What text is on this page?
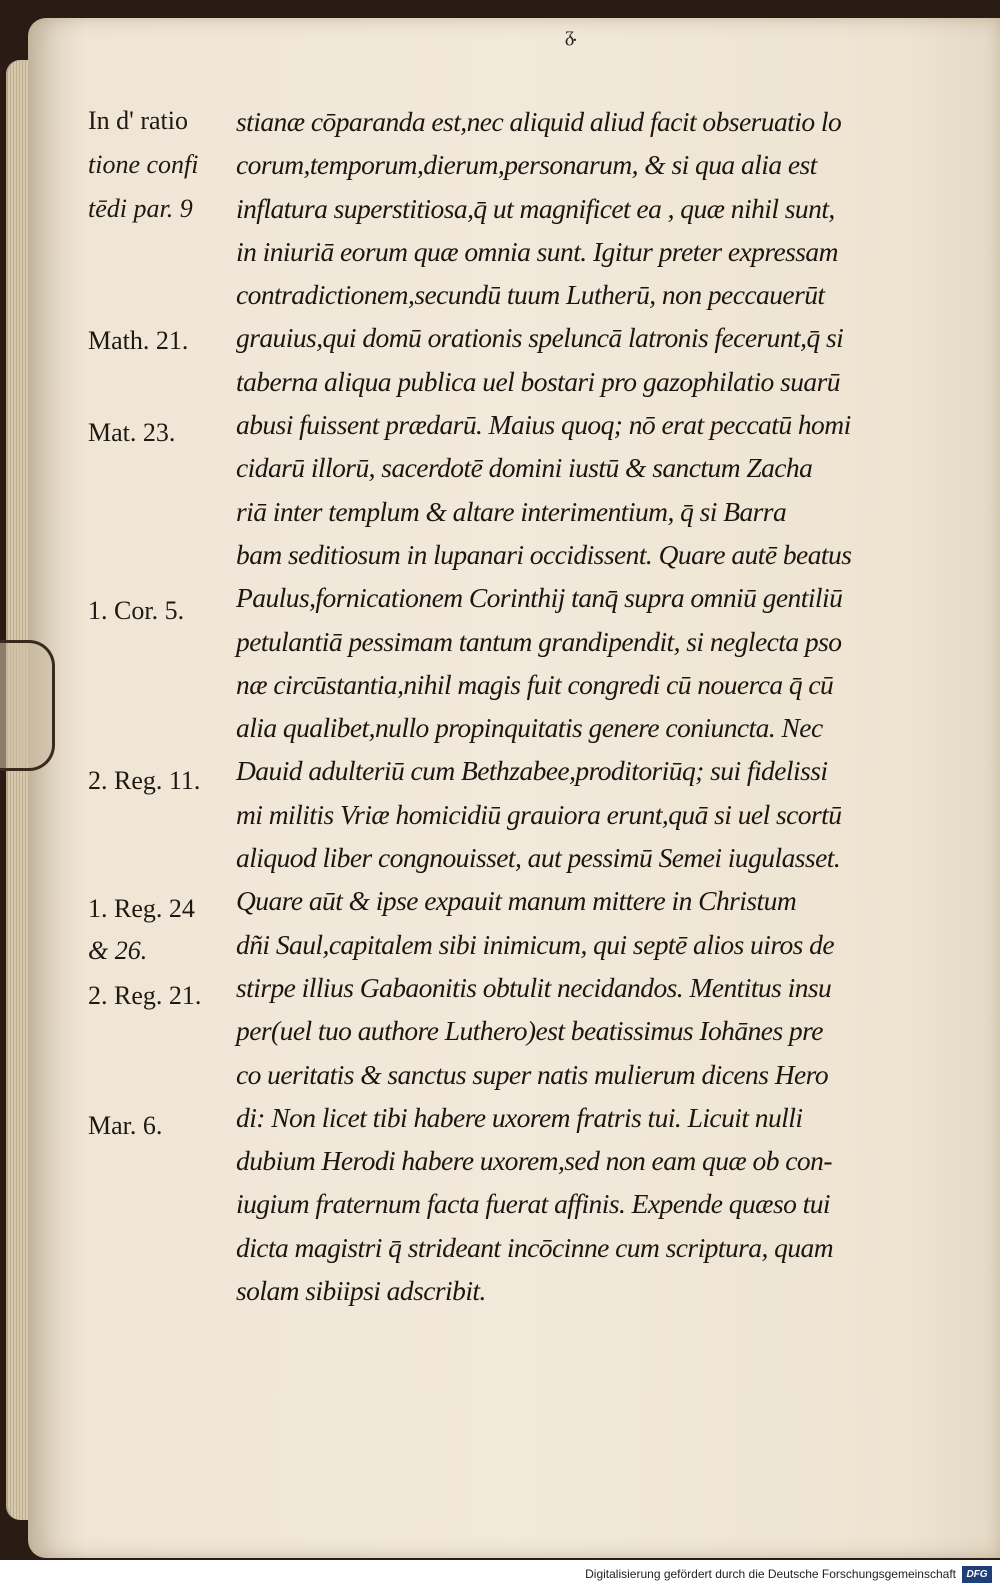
ᵹ.
In d' ratio
tione confi
tēdi par. 9
Math. 21.
Mat. 23.
1. Cor. 5.
2. Reg. 11.
1. Reg. 24
& 26.
2. Reg. 21.
Mar. 6.
stianæ cōparanda est,nec aliquid aliud facit obseruatio lo
corum,temporum,dierum,personarum, & si qua alia est
inflatura superstitiosa,q̄ ut magnificet ea , quæ nihil sunt,
in iniuriā eorum quæ omnia sunt. Igitur preter expressam
contradictionem,secundū tuum Lutherū, non peccauerūt
grauius,qui domū orationis speluncā latronis fecerunt,q̄ si
taberna aliqua publica uel bostari pro gazophilatio suarū
abusi fuissent prædarū. Maius quoq; nō erat peccatū homi
cidarū illorū, sacerdotē domini iustū & sanctum Zacha
riā inter templum & altare interimentium, q̄ si Barra
bam seditiosum in lupanari occidissent. Quare autē beatus
Paulus,fornicationem Corinthij tanq̄ supra omniū gentiliū
petulantiā pessimam tantum grandipendit, si neglecta pso
næ circūstantia,nihil magis fuit congredi cū nouerca q̄ cū
alia qualibet,nullo propinquitatis genere coniuncta. Nec
Dauid adulteriū cum Bethzabee,proditoriūq; sui fidelissi
mi militis Vriæ homicidiū grauiora erunt,quā si uel scortū
aliquod liber congnouisset, aut pessimū Semei iugulasset.
Quare aūt & ipse expauit manum mittere in Christum
dñi Saul,capitalem sibi inimicum, qui septē alios uiros de
stirpe illius Gabaonitis obtulit necidandos. Mentitus insu
per(uel tuo authore Luthero)est beatissimus Iohānes pre
co ueritatis & sanctus super natis mulierum dicens Hero
di: Non licet tibi habere uxorem fratris tui. Licuit nulli
dubium Herodi habere uxorem,sed non eam quæ ob con-
iugium fraternum facta fuerat affinis. Expende quæso tui
dicta magistri q̄ strideant incōcinne cum scriptura, quam
solam sibiipsi adscribit.
Digitalisierung gefördert durch die Deutsche Forschungsgemeinschaft	DFG
